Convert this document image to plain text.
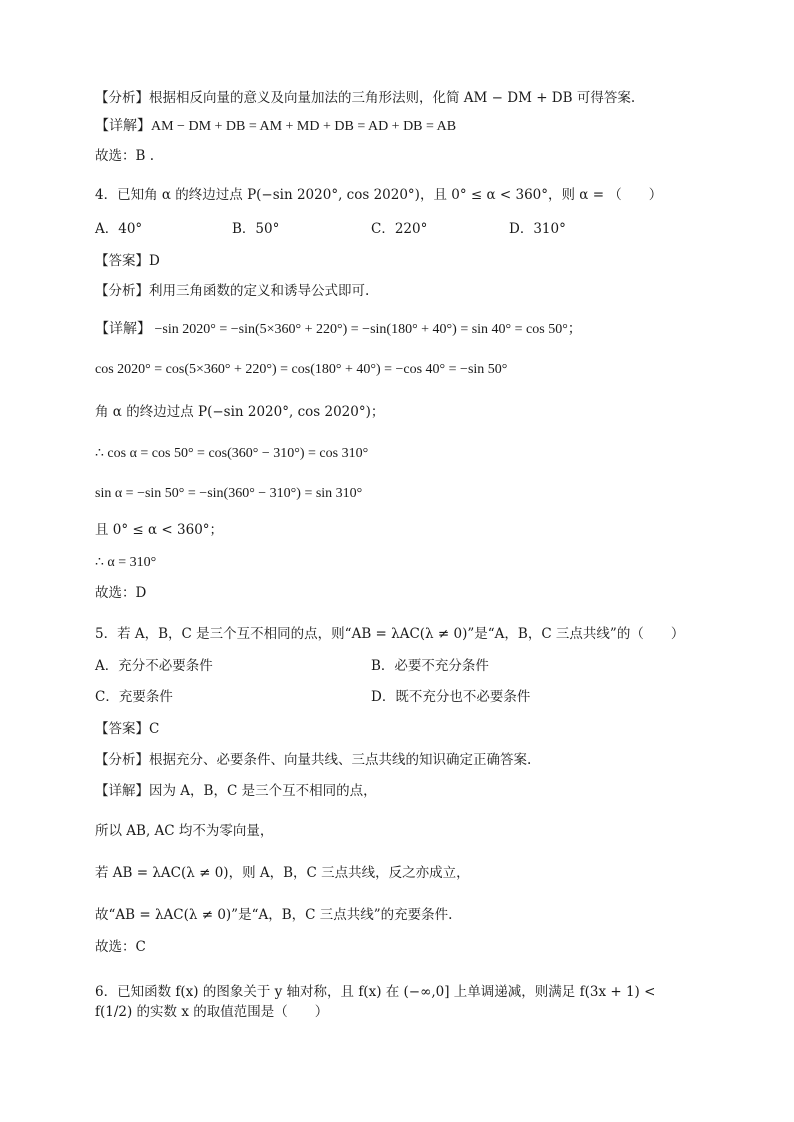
【分析】根据相反向量的意义及向量加法的三角形法则，化简 AM − DM + DB 可得答案.
【详解】AM − DM + DB = AM + MD + DB = AD + DB = AB
故选：B .
4．已知角 α 的终边过点 P(−sin 2020°, cos 2020°)，且 0° ≤ α < 360°，则 α = （　　）
A．40°	B．50°	C．220°	D．310°
【答案】D
【分析】利用三角函数的定义和诱导公式即可.
【详解】 −sin 2020° = −sin(5×360° + 220°) = −sin(180° + 40°) = sin 40° = cos 50°；
cos 2020° = cos(5×360° + 220°) = cos(180° + 40°) = −cos 40° = −sin 50°
角 α 的终边过点 P(−sin 2020°, cos 2020°)；
∴ cos α = cos 50° = cos(360° − 310°) = cos 310°
sin α = −sin 50° = −sin(360° − 310°) = sin 310°
且 0° ≤ α < 360°；
∴ α = 310°
故选：D
5．若 A，B，C 是三个互不相同的点，则“AB = λAC(λ ≠ 0)”是“A，B，C 三点共线”的（　　）
A．充分不必要条件	B．必要不充分条件
C．充要条件	D．既不充分也不必要条件
【答案】C
【分析】根据充分、必要条件、向量共线、三点共线的知识确定正确答案.
【详解】因为 A，B，C 是三个互不相同的点，
所以 AB, AC 均不为零向量，
若 AB = λAC(λ ≠ 0)，则 A，B，C 三点共线，反之亦成立，
故“AB = λAC(λ ≠ 0)”是“A，B，C 三点共线”的充要条件.
故选：C
6．已知函数 f(x) 的图象关于 y 轴对称，且 f(x) 在 (−∞,0] 上单调递减，则满足 f(3x + 1) < f(1/2) 的实数 x 的取值范围是（　　）
